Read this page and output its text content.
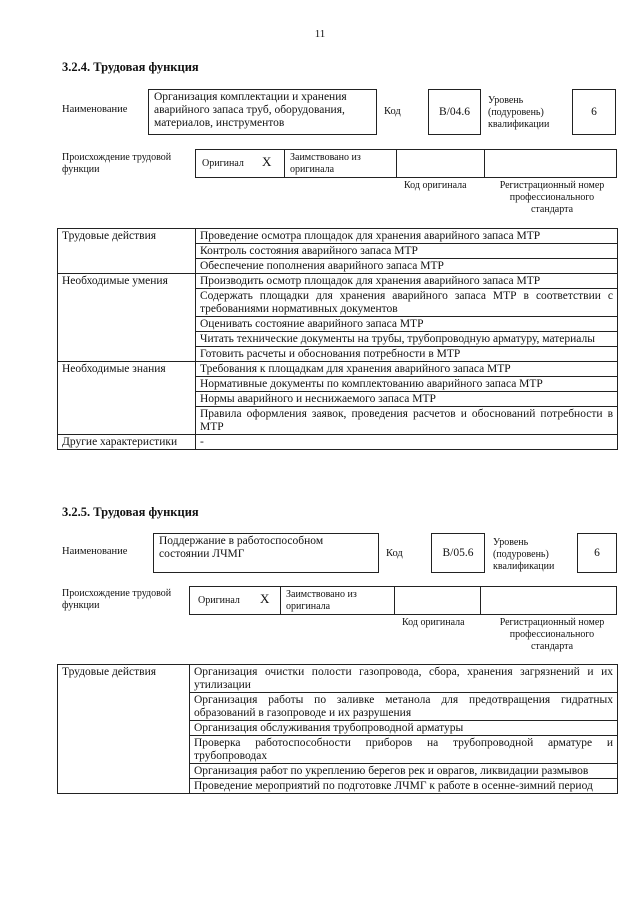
11
3.2.4. Трудовая функция
Наименование
Организация комплектации и хранения аварийного запаса труб, оборудования, материалов, инструментов
Код	B/04.6
Уровень (подуровень) квалификации
6
Происхождение трудовой функции
Оригинал X Заимствовано из оригинала
Код оригинала	Регистрационный номер профессионального стандарта
Трудовые действия	Проведение осмотра площадок для хранения аварийного запаса МТР
	Контроль состояния аварийного запаса МТР
	Обеспечение пополнения аварийного запаса МТР
Необходимые умения	Производить осмотр площадок для хранения аварийного запаса МТР
	Содержать площадки для хранения аварийного запаса МТР в соответствии с требованиями нормативных документов
	Оценивать состояние аварийного запаса МТР
	Читать технические документы на трубы, трубопроводную арматуру, материалы
	Готовить расчеты и обоснования потребности в МТР
Необходимые знания	Требования к площадкам для хранения аварийного запаса МТР
	Нормативные документы по комплектованию аварийного запаса МТР
	Нормы аварийного и неснижаемого запаса МТР
	Правила оформления заявок, проведения расчетов и обоснований потребности в МТР
Другие характеристики	-
3.2.5. Трудовая функция
Наименование
Поддержание в работоспособном состоянии ЛЧМГ	Код	B/05.6
Уровень (подуровень) квалификации
6
Происхождение трудовой функции	Оригинал X Заимствовано из оригинала
Код оригинала	Регистрационный номер профессионального стандарта
Трудовые действия	Организация очистки полости газопровода, сбора, хранения загрязнений и их утилизации
Организация работы по заливке метанола для предотвращения гидратных образований в газопроводе и их разрушения
Организация обслуживания трубопроводной арматуры
Проверка работоспособности приборов на трубопроводной арматуре и трубопроводах
Организация работ по укреплению берегов рек и оврагов, ликвидации размывов
Проведение мероприятий по подготовке ЛЧМГ к работе в осенне-зимний период
